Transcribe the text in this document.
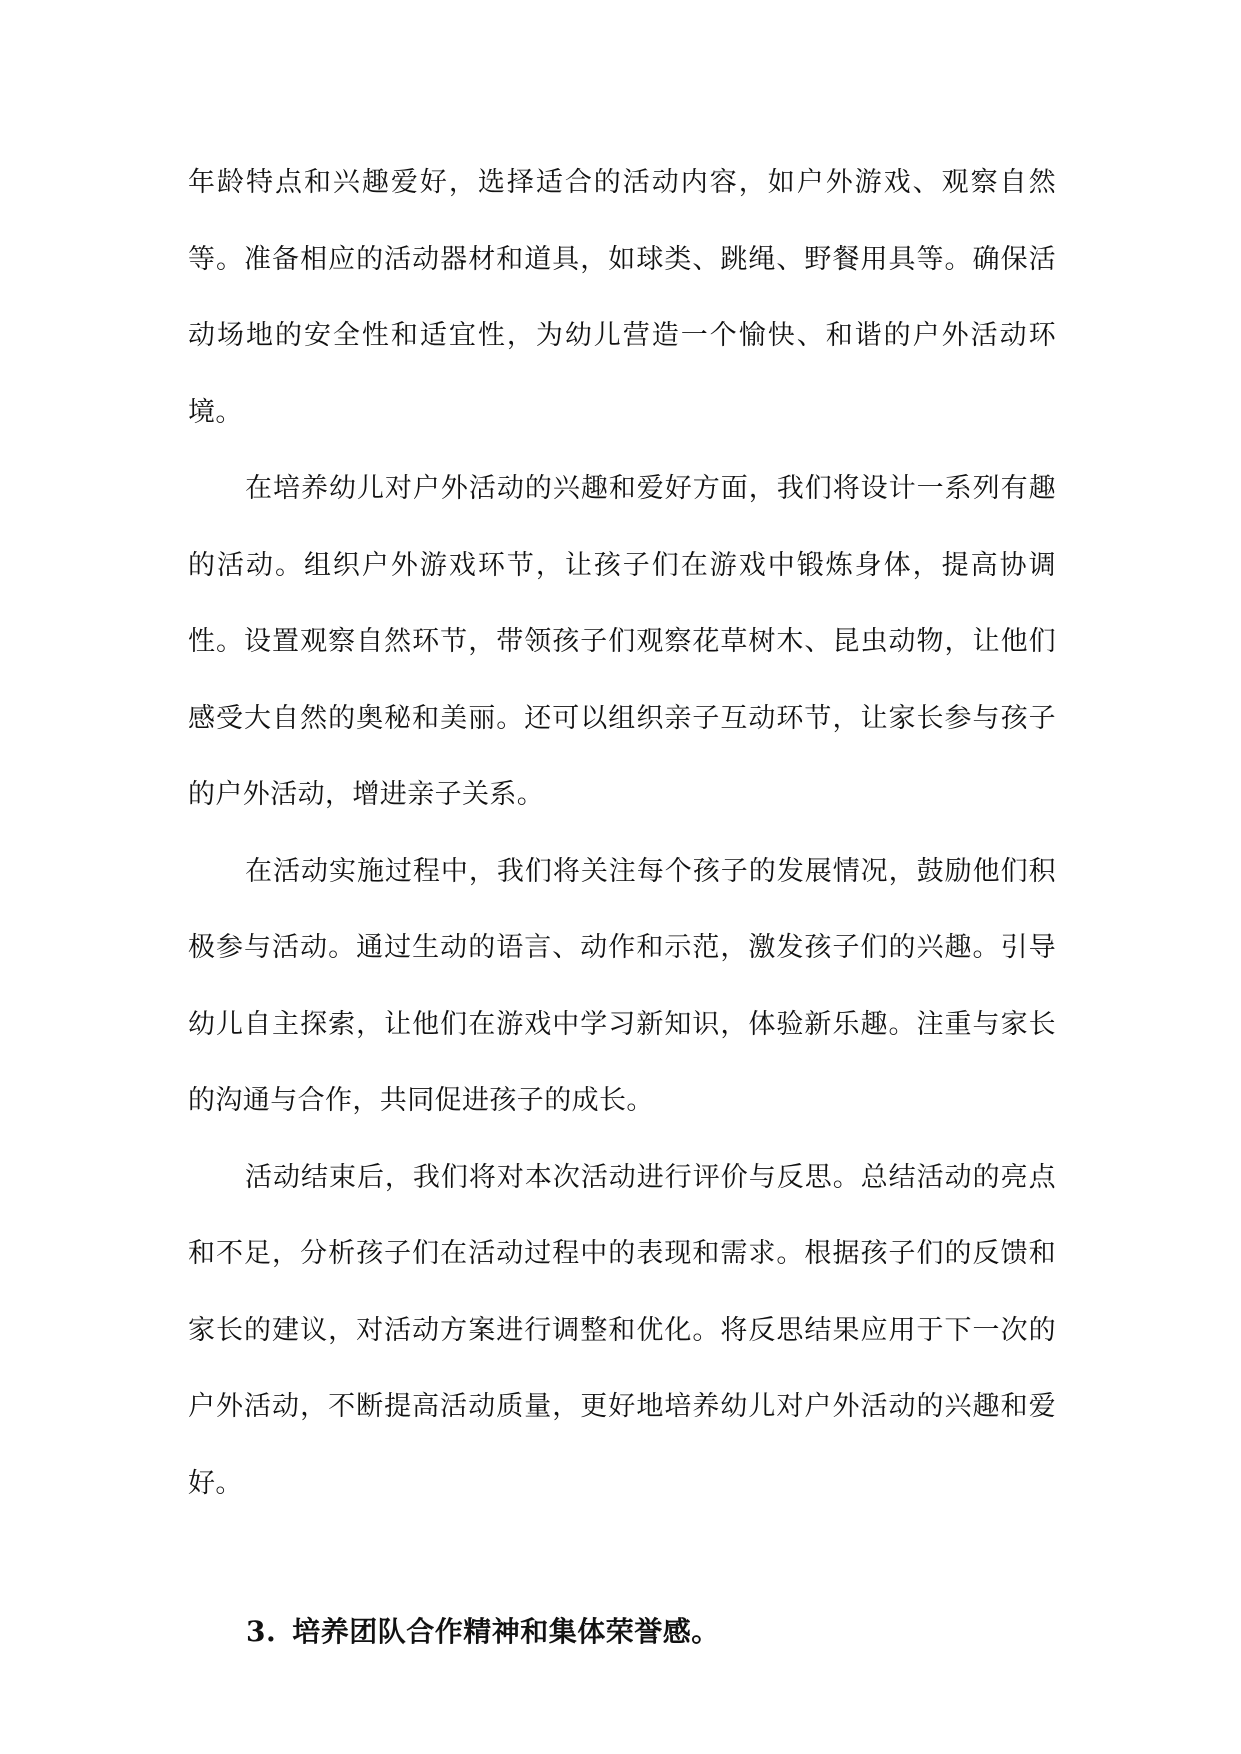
年龄特点和兴趣爱好，选择适合的活动内容，如户外游戏、观察自然等。准备相应的活动器材和道具，如球类、跳绳、野餐用具等。确保活动场地的安全性和适宜性，为幼儿营造一个愉快、和谐的户外活动环境。

在培养幼儿对户外活动的兴趣和爱好方面，我们将设计一系列有趣的活动。组织户外游戏环节，让孩子们在游戏中锻炼身体，提高协调性。设置观察自然环节，带领孩子们观察花草树木、昆虫动物，让他们感受大自然的奥秘和美丽。还可以组织亲子互动环节，让家长参与孩子的户外活动，增进亲子关系。

在活动实施过程中，我们将关注每个孩子的发展情况，鼓励他们积极参与活动。通过生动的语言、动作和示范，激发孩子们的兴趣。引导幼儿自主探索，让他们在游戏中学习新知识，体验新乐趣。注重与家长的沟通与合作，共同促进孩子的成长。

活动结束后，我们将对本次活动进行评价与反思。总结活动的亮点和不足，分析孩子们在活动过程中的表现和需求。根据孩子们的反馈和家长的建议，对活动方案进行调整和优化。将反思结果应用于下一次的户外活动，不断提高活动质量，更好地培养幼儿对户外活动的兴趣和爱好。

3. 培养团队合作精神和集体荣誉感。
